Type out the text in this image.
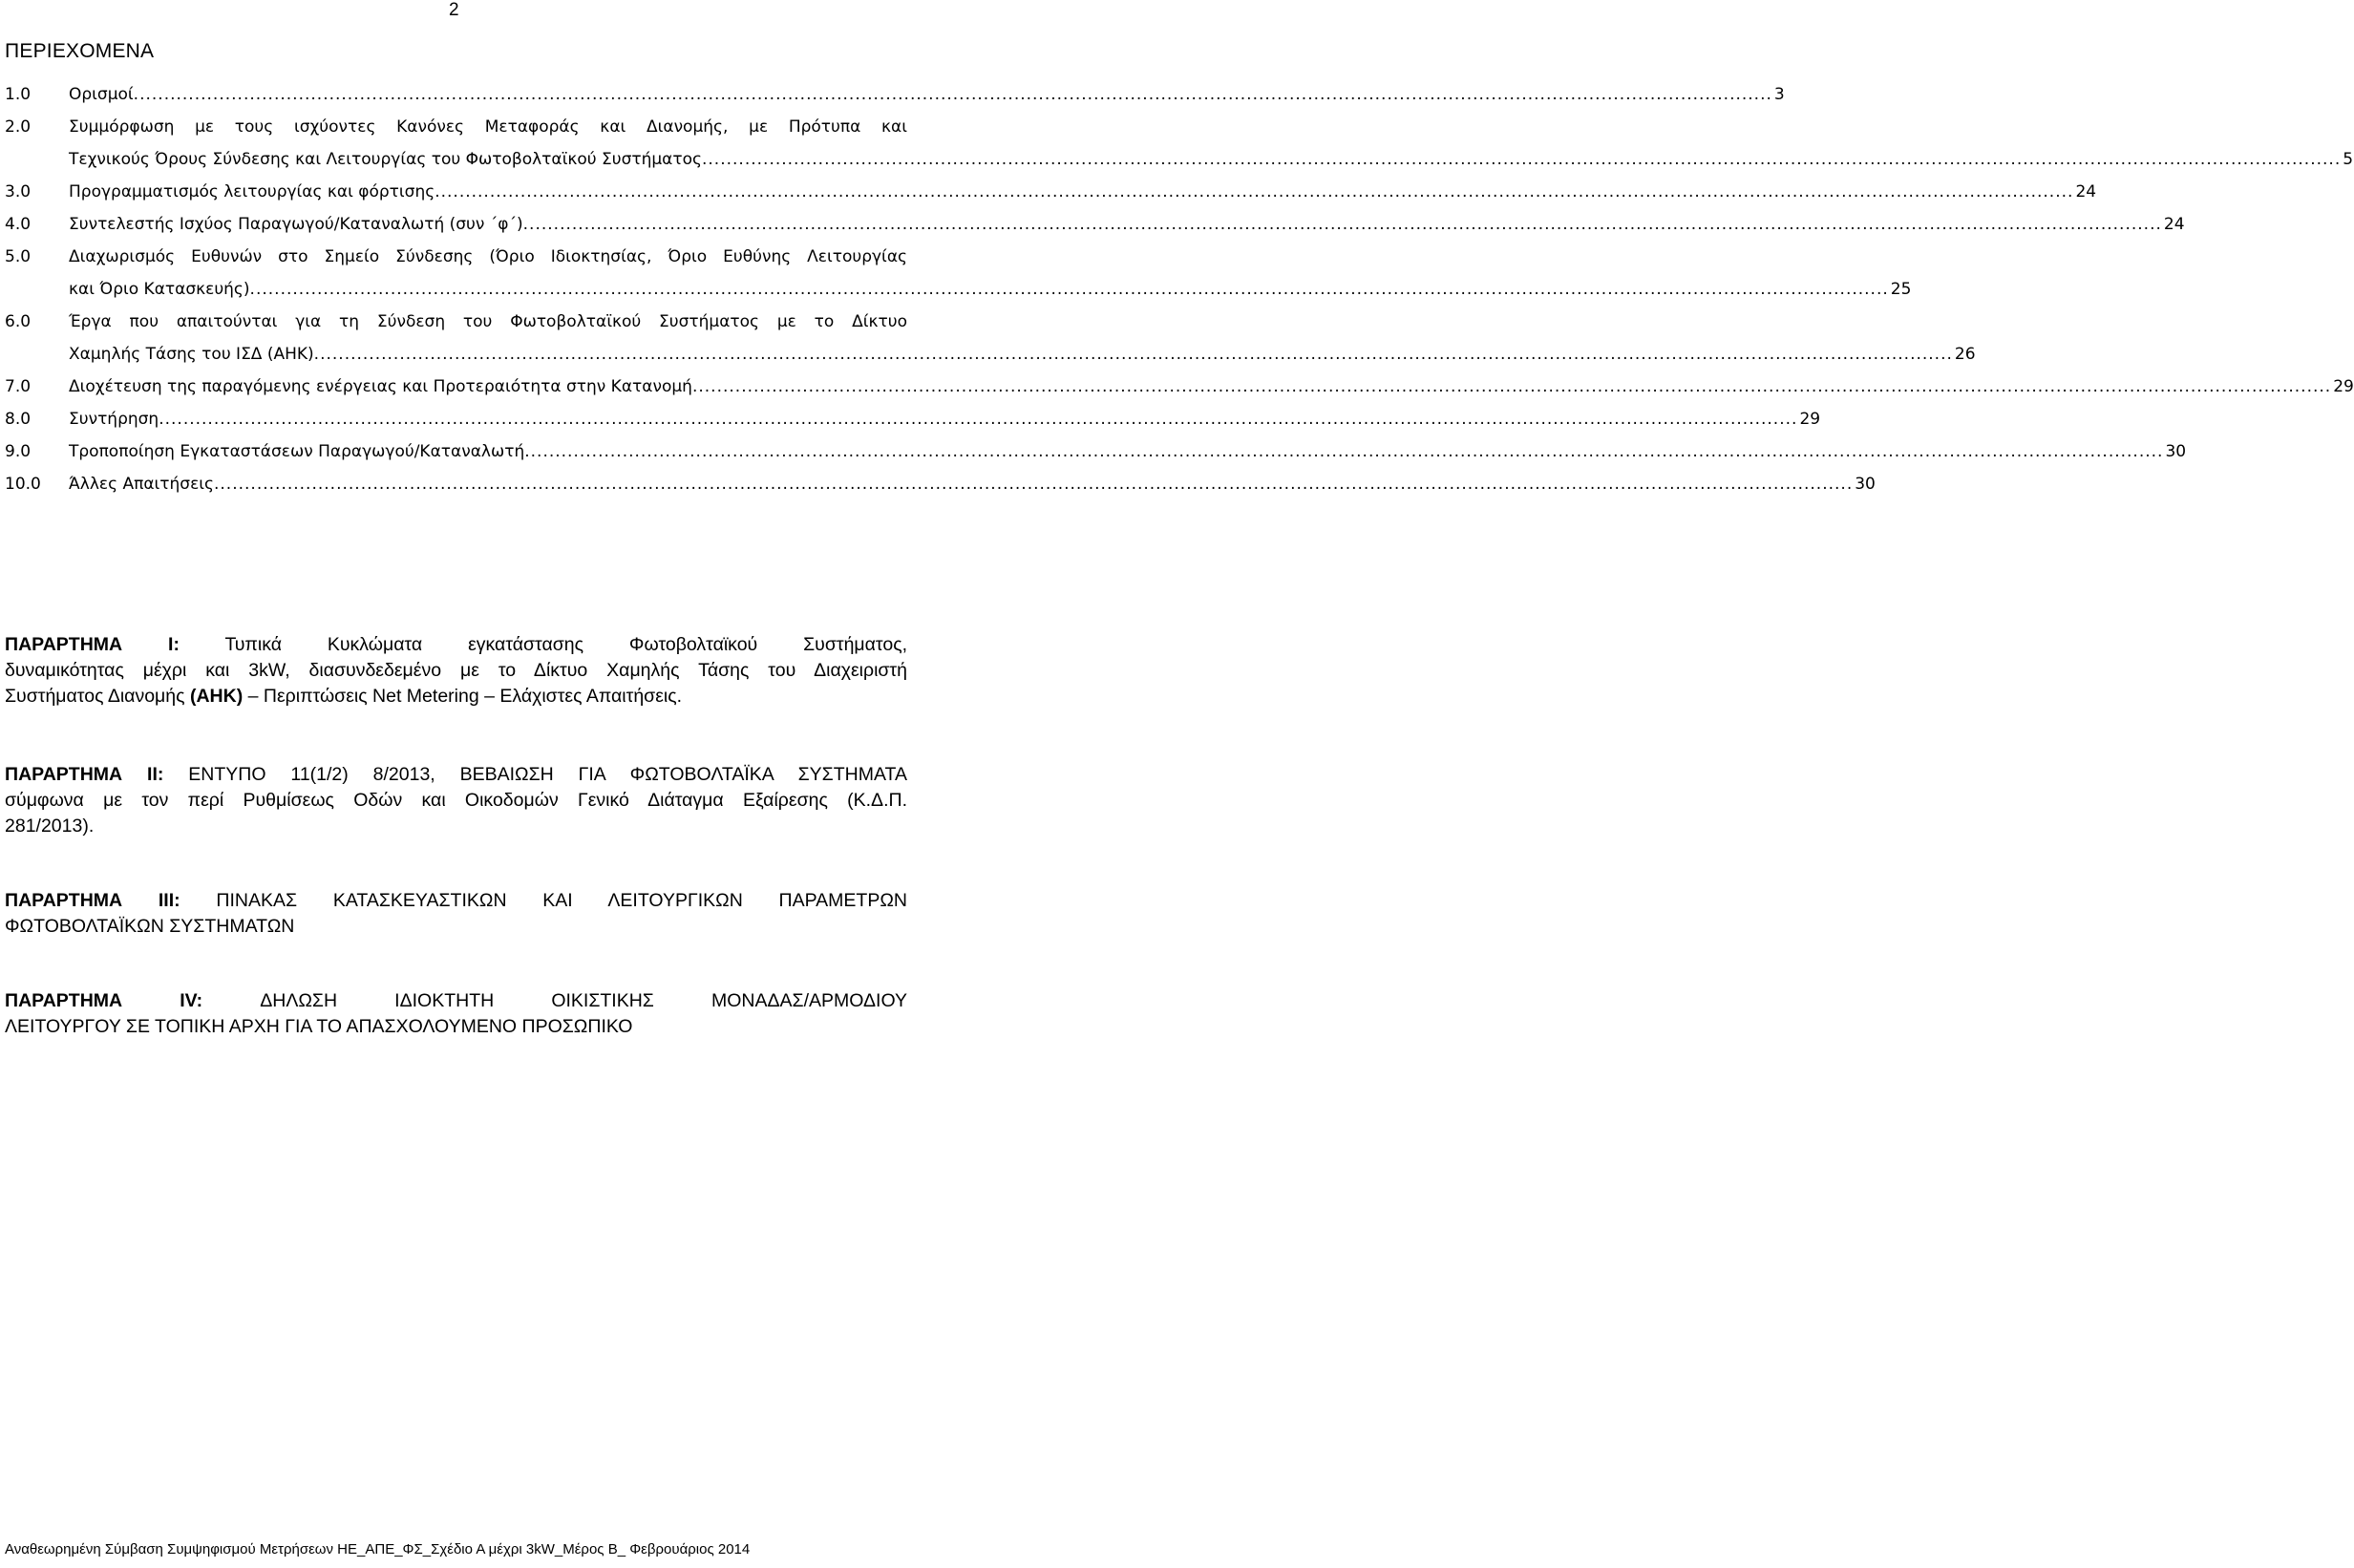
2
ΠΕΡΙΕΧΟΜΕΝΑ
1.0 Ορισμοί .....	3
2.0	Συμμόρφωση με τους ισχύοντες Κανόνες Μεταφοράς και Διανομής, με Πρότυπα και
Τεχνικούς Όρους Σύνδεσης και Λειτουργίας του Φωτοβολταϊκού Συστήματος .....	5
3.0 Προγραμματισμός λειτουργίας και φόρτισης .....	24
4.0 Συντελεστής Ισχύος Παραγωγού/Καταναλωτή (συν ΄φ΄) .....	24
5.0	Διαχωρισμός Ευθυνών στο Σημείο Σύνδεσης (Όριο Ιδιοκτησίας, Όριο Ευθύνης Λειτουργίας
και Όριο Κατασκευής) .....	25
6.0	Έργα που απαιτούνται για τη Σύνδεση του Φωτοβολταϊκού Συστήματος με το Δίκτυο
Χαμηλής Τάσης του ΙΣΔ (ΑΗΚ) .....	26
7.0 Διοχέτευση της παραγόμενης ενέργειας και Προτεραιότητα στην Κατανομή .....	29
8.0 Συντήρηση .....	29
9.0 Τροποποίηση Εγκαταστάσεων Παραγωγού/Καταναλωτή .....	30
10.0 Άλλες Απαιτήσεις .....	30
ΠΑΡΑΡΤΗΜΑ Ι: Τυπικά Κυκλώματα εγκατάστασης Φωτοβολταϊκού Συστήματος,
δυναμικότητας μέχρι και 3kW, διασυνδεδεμένο με το Δίκτυο Χαμηλής Τάσης του Διαχειριστή
Συστήματος Διανομής (ΑΗΚ) – Περιπτώσεις Net Metering – Ελάχιστες Απαιτήσεις.
ΠΑΡΑΡΤΗΜΑ ΙΙ: ΕΝΤΥΠΟ 11(1/2) 8/2013, ΒΕΒΑΙΩΣΗ ΓΙΑ ΦΩΤΟΒΟΛΤΑΪΚΑ ΣΥΣΤΗΜΑΤΑ
σύμφωνα με τον περί Ρυθμίσεως Οδών και Οικοδομών Γενικό Διάταγμα Εξαίρεσης (Κ.Δ.Π.
281/2013).
ΠΑΡΑΡΤΗΜΑ ΙΙΙ: ΠΙΝΑΚΑΣ ΚΑΤΑΣΚΕΥΑΣΤΙΚΩΝ ΚΑΙ ΛΕΙΤΟΥΡΓΙΚΩΝ ΠΑΡΑΜΕΤΡΩΝ
ΦΩΤΟΒΟΛΤΑΪΚΩΝ ΣΥΣΤΗΜΑΤΩΝ
ΠΑΡΑΡΤΗΜΑ ΙV:	ΔΗΛΩΣΗ ΙΔΙΟΚΤΗΤΗ ΟΙΚΙΣΤΙΚΗΣ ΜΟΝΑΔΑΣ/ΑΡΜΟΔΙΟΥ
ΛΕΙΤΟΥΡΓΟΥ ΣΕ ΤΟΠΙΚΗ ΑΡΧΗ ΓΙΑ ΤΟ ΑΠΑΣΧΟΛΟΥΜΕΝΟ ΠΡΟΣΩΠΙΚΟ
Αναθεωρημένη Σύμβαση Συμψηφισμού Μετρήσεων ΗΕ_ΑΠΕ_ΦΣ_Σχέδιο Α μέχρι 3kW_Μέρος Β_ Φεβρουάριος 2014
